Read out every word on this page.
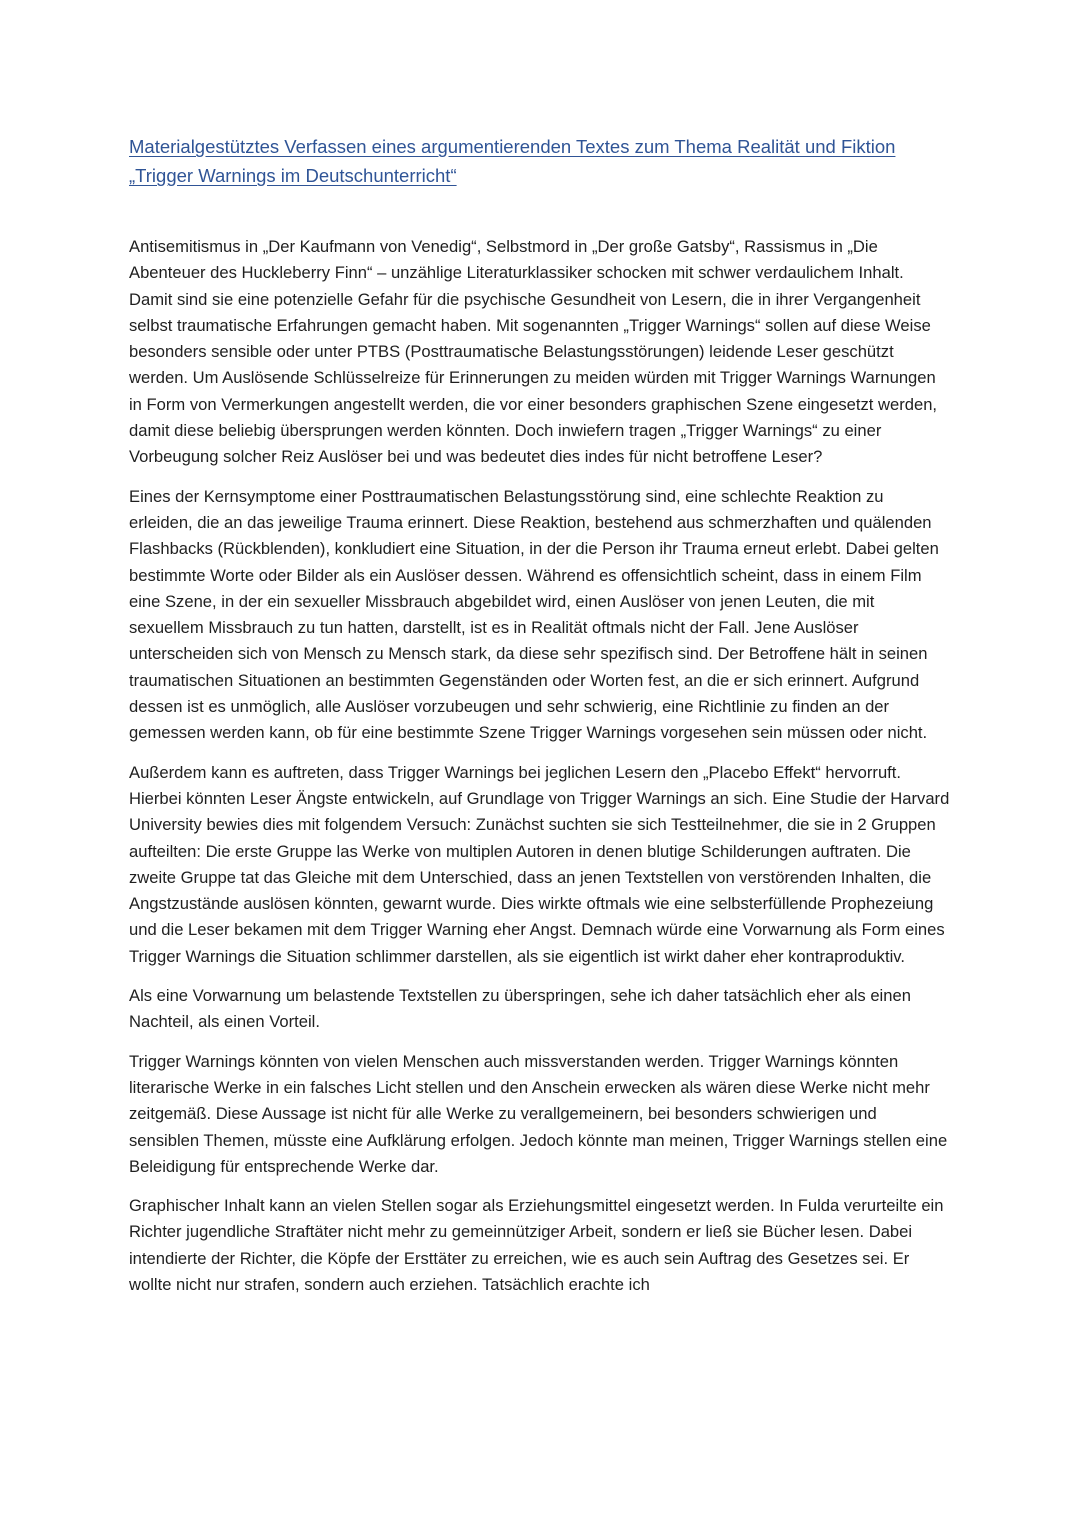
Materialgestütztes Verfassen eines argumentierenden Textes zum Thema Realität und Fiktion
„Trigger Warnings im Deutschunterricht“

Antisemitismus in „Der Kaufmann von Venedig“, Selbstmord in „Der große Gatsby“, Rassismus in „Die Abenteuer des Huckleberry Finn“ – unzählige Literaturklassiker schocken mit schwer verdaulichem Inhalt. Damit sind sie eine potenzielle Gefahr für die psychische Gesundheit von Lesern, die in ihrer Vergangenheit selbst traumatische Erfahrungen gemacht haben. Mit sogenannten „Trigger Warnings“ sollen auf diese Weise besonders sensible oder unter PTBS (Posttraumatische Belastungsstörungen) leidende Leser geschützt werden. Um Auslösende Schlüsselreize für Erinnerungen zu meiden würden mit Trigger Warnings Warnungen in Form von Vermerkungen angestellt werden, die vor einer besonders graphischen Szene eingesetzt werden, damit diese beliebig übersprungen werden könnten. Doch inwiefern tragen „Trigger Warnings“ zu einer Vorbeugung solcher Reiz Auslöser bei und was bedeutet dies indes für nicht betroffene Leser?

Eines der Kernsymptome einer Posttraumatischen Belastungsstörung sind, eine schlechte Reaktion zu erleiden, die an das jeweilige Trauma erinnert. Diese Reaktion, bestehend aus schmerzhaften und quälenden Flashbacks (Rückblenden), konkludiert eine Situation, in der die Person ihr Trauma erneut erlebt. Dabei gelten bestimmte Worte oder Bilder als ein Auslöser dessen. Während es offensichtlich scheint, dass in einem Film eine Szene, in der ein sexueller Missbrauch abgebildet wird, einen Auslöser von jenen Leuten, die mit sexuellem Missbrauch zu tun hatten, darstellt, ist es in Realität oftmals nicht der Fall. Jene Auslöser unterscheiden sich von Mensch zu Mensch stark, da diese sehr spezifisch sind. Der Betroffene hält in seinen traumatischen Situationen an bestimmten Gegenständen oder Worten fest, an die er sich erinnert. Aufgrund dessen ist es unmöglich, alle Auslöser vorzubeugen und sehr schwierig, eine Richtlinie zu finden an der gemessen werden kann, ob für eine bestimmte Szene Trigger Warnings vorgesehen sein müssen oder nicht.

Außerdem kann es auftreten, dass Trigger Warnings bei jeglichen Lesern den „Placebo Effekt“ hervorruft. Hierbei könnten Leser Ängste entwickeln, auf Grundlage von Trigger Warnings an sich. Eine Studie der Harvard University bewies dies mit folgendem Versuch: Zunächst suchten sie sich Testteilnehmer, die sie in 2 Gruppen aufteilten: Die erste Gruppe las Werke von multiplen Autoren in denen blutige Schilderungen auftraten. Die zweite Gruppe tat das Gleiche mit dem Unterschied, dass an jenen Textstellen von verstörenden Inhalten, die Angstzustände auslösen könnten, gewarnt wurde. Dies wirkte oftmals wie eine selbsterfüllende Prophezeiung und die Leser bekamen mit dem Trigger Warning eher Angst. Demnach würde eine Vorwarnung als Form eines Trigger Warnings die Situation schlimmer darstellen, als sie eigentlich ist wirkt daher eher kontraproduktiv.

Als eine Vorwarnung um belastende Textstellen zu überspringen, sehe ich daher tatsächlich eher als einen Nachteil, als einen Vorteil.

Trigger Warnings könnten von vielen Menschen auch missverstanden werden. Trigger Warnings könnten literarische Werke in ein falsches Licht stellen und den Anschein erwecken als wären diese Werke nicht mehr zeitgemäß. Diese Aussage ist nicht für alle Werke zu verallgemeinern, bei besonders schwierigen und sensiblen Themen, müsste eine Aufklärung erfolgen. Jedoch könnte man meinen, Trigger Warnings stellen eine Beleidigung für entsprechende Werke dar.

Graphischer Inhalt kann an vielen Stellen sogar als Erziehungsmittel eingesetzt werden. In Fulda verurteilte ein Richter jugendliche Straftäter nicht mehr zu gemeinnütziger Arbeit, sondern er ließ sie Bücher lesen. Dabei intendierte der Richter, die Köpfe der Ersttäter zu erreichen, wie es auch sein Auftrag des Gesetzes sei. Er wollte nicht nur strafen, sondern auch erziehen. Tatsächlich erachte ich
